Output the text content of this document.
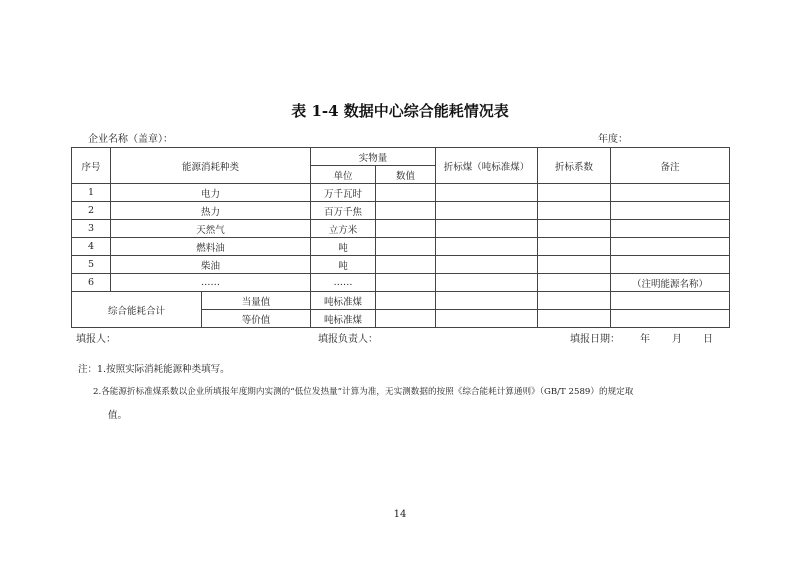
表 1-4 数据中心综合能耗情况表
企业名称（盖章）：	年度：
序号	能源消耗种类		实物量		折标煤（吨标准煤）	折标系数	备注
			单位	数值			
1	电力		万千瓦时				
2	热力		百万千焦				
3	天然气		立方米				
4	燃料油		吨				
5	柴油		吨				
6	……		……				（注明能源名称）
综合能耗合计		当量值	吨标准煤				
		等价值	吨标准煤				
填报人：	填报负责人：	填报日期： 年 月 日
注：1.按照实际消耗能源种类填写。
2.各能源折标准煤系数以企业所填报年度期内实测的“低位发热量”计算为准，无实测数据的按照《综合能耗计算通则》（GB/T 2589）的规定取
值。
14
